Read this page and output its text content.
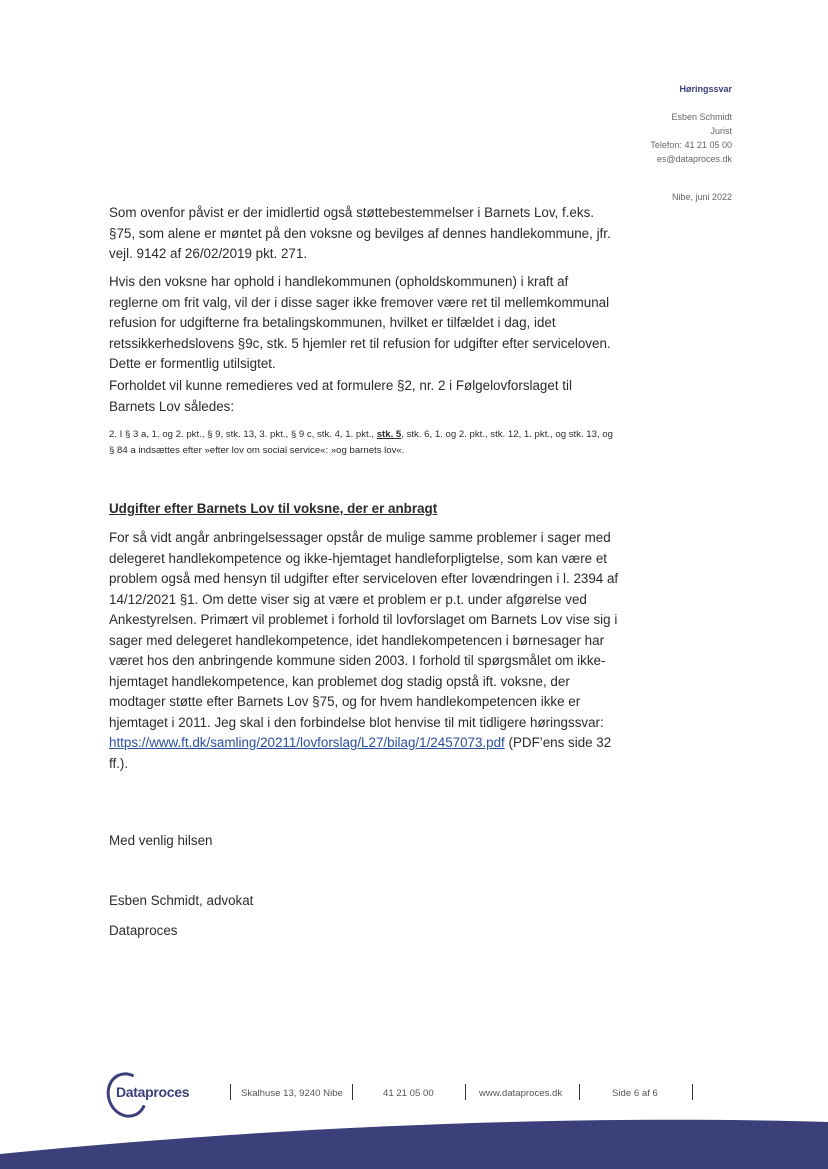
Høringssvar
Esben Schmidt
Jurist
Telefon: 41 21 05 00
es@dataproces.dk
Nibe, juni 2022
Som ovenfor påvist er der imidlertid også støttebestemmelser i Barnets Lov, f.eks. §75, som alene er møntet på den voksne og bevilges af dennes handlekommune, jfr. vejl. 9142 af 26/02/2019 pkt. 271.
Hvis den voksne har ophold i handlekommunen (opholdskommunen) i kraft af reglerne om frit valg, vil der i disse sager ikke fremover være ret til mellemkommunal refusion for udgifterne fra betalingskommunen, hvilket er tilfældet i dag, idet retssikkerhedslovens §9c, stk. 5 hjemler ret til refusion for udgifter efter serviceloven. Dette er formentlig utilsigtet.
Forholdet vil kunne remedieres ved at formulere §2, nr. 2 i Følgelovforslaget til Barnets Lov således:
2. I § 3 a, 1. og 2. pkt., § 9, stk. 13, 3. pkt., § 9 c, stk. 4, 1. pkt., stk. 5, stk. 6, 1. og 2. pkt., stk. 12, 1. pkt., og stk. 13, og § 84 a indsættes efter »efter lov om social service«: »og barnets lov«.
Udgifter efter Barnets Lov til voksne, der er anbragt
For så vidt angår anbringelsessager opstår de mulige samme problemer i sager med delegeret handlekompetence og ikke-hjemtaget handleforpligtelse, som kan være et problem også med hensyn til udgifter efter serviceloven efter lovændringen i l. 2394 af 14/12/2021 §1. Om dette viser sig at være et problem er p.t. under afgørelse ved Ankestyrelsen. Primært vil problemet i forhold til lovforslaget om Barnets Lov vise sig i sager med delegeret handlekompetence, idet handlekompetencen i børnesager har været hos den anbringende kommune siden 2003. I forhold til spørgsmålet om ikke-hjemtaget handlekompetence, kan problemet dog stadig opstå ift. voksne, der modtager støtte efter Barnets Lov §75, og for hvem handlekompetencen ikke er hjemtaget i 2011. Jeg skal i den forbindelse blot henvise til mit tidligere høringssvar: https://www.ft.dk/samling/20211/lovforslag/L27/bilag/1/2457073.pdf (PDF’ens side 32 ff.).
Med venlig hilsen
Esben Schmidt, advokat
Dataproces
Dataproces	Skalhuse 13, 9240 Nibe	41 21 05 00	www.dataproces.dk	Side 6 af 6
